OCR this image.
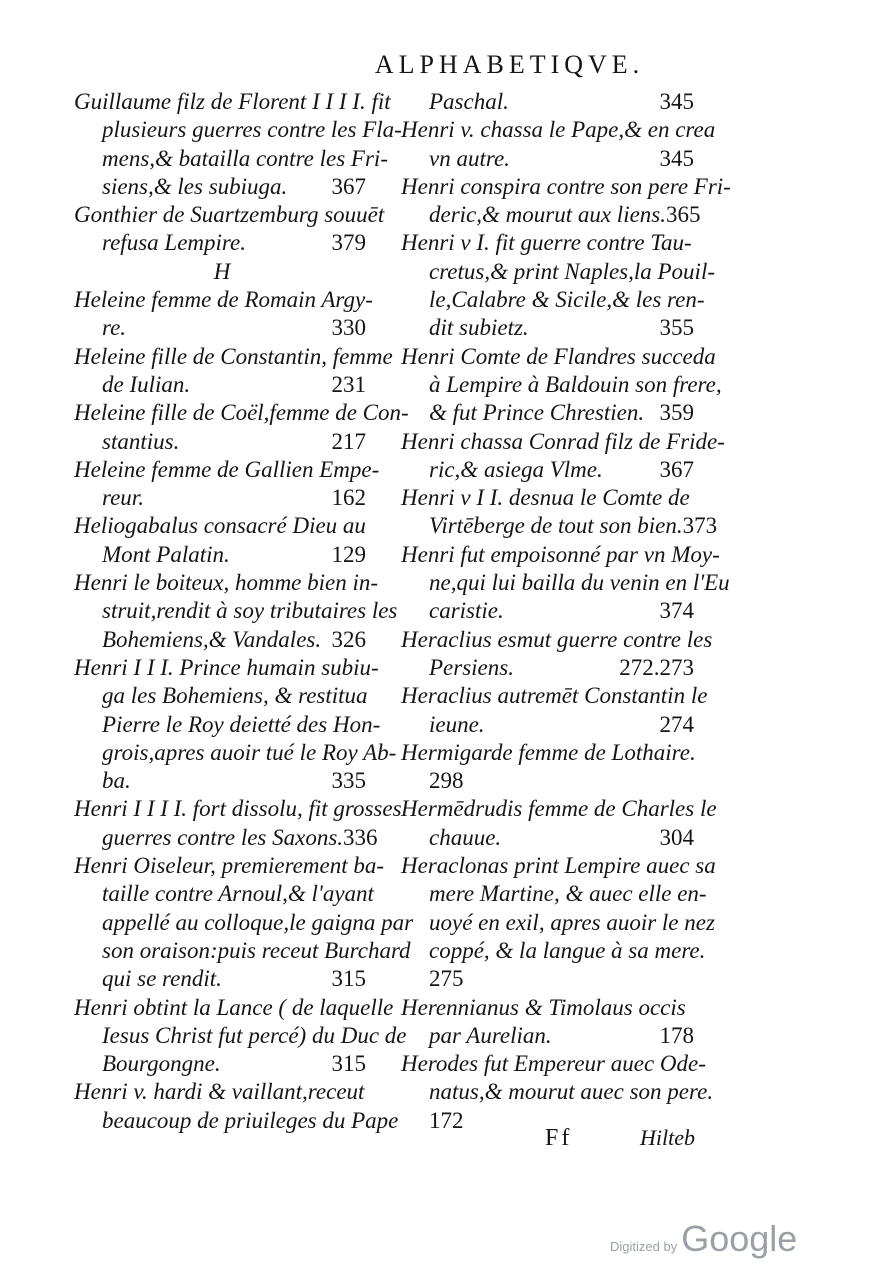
ALPHABETIQVE.
Guillaume filz de Florent I I I I. fit
plusieurs guerres contre les Fla-
mens,& batailla contre les Fri-
siens,& les subiuga. 367
Gonthier de Suartzemburg souuēt
refusa Lempire.	379
H
Heleine femme de Romain Argy-
re.	330
Heleine fille de Constantin, femme
de Iulian.	231
Heleine fille de Coël,femme de Con-
stantius.	217
Heleine femme de Gallien Empe-
reur.	162
Heliogabalus consacré Dieu au
Mont Palatin.	129
Henri le boiteux, homme bien in-
struit,rendit à soy tributaires les
Bohemiens,& Vandales. 326
Henri I I I. Prince humain subiu-
ga les Bohemiens, & restitua
Pierre le Roy deietté des Hon-
grois,apres auoir tué le Roy Ab-
ba.	335
Henri I I I I. fort dissolu, fit grosses
guerres contre les Saxons. 336
Henri Oiseleur, premierement ba-
taille contre Arnoul,& l'ayant
appellé au colloque,le gaigna par
son oraison:puis receut Burchard
qui se rendit.	315
Henri obtint la Lance ( de laquelle
Iesus Christ fut percé) du Duc de
Bourgongne.	315
Henri v. hardi & vaillant,receut
beaucoup de priuileges du Pape
Paschal.	345
Henri v. chassa le Pape,& en crea
vn autre.	345
Henri conspira contre son pere Fri-
deric,& mourut aux liens. 365
Henri v I. fit guerre contre Tau-
cretus,& print Naples,la Pouil-
le,Calabre & Sicile,& les ren-
dit subietz.	355
Henri Comte de Flandres succeda
à Lempire à Baldouin son frere,
& fut Prince Chrestien. 359
Henri chassa Conrad filz de Fride-
ric,& asiega Vlme. 367
Henri v I I. desnua le Comte de
Virtēberge de tout son bien. 373
Henri fut empoisonné par vn Moy-
ne,qui lui bailla du venin en l'Eu
caristie.	374
Heraclius esmut guerre contre les
Persiens.	272.273
Heraclius autremēt Constantin le
ieune.	274
Hermigarde femme de Lothaire.
298
Hermēdrudis femme de Charles le
chauue.	304
Heraclonas print Lempire auec sa
mere Martine, & auec elle en-
uoyé en exil, apres auoir le nez
coppé, & la langue à sa mere.
275
Herennianus & Timolaus occis
par Aurelian.	178
Herodes fut Empereur auec Ode-
natus,& mourut auec son pere.
172
Ff	Hilteb
Digitized by Google
